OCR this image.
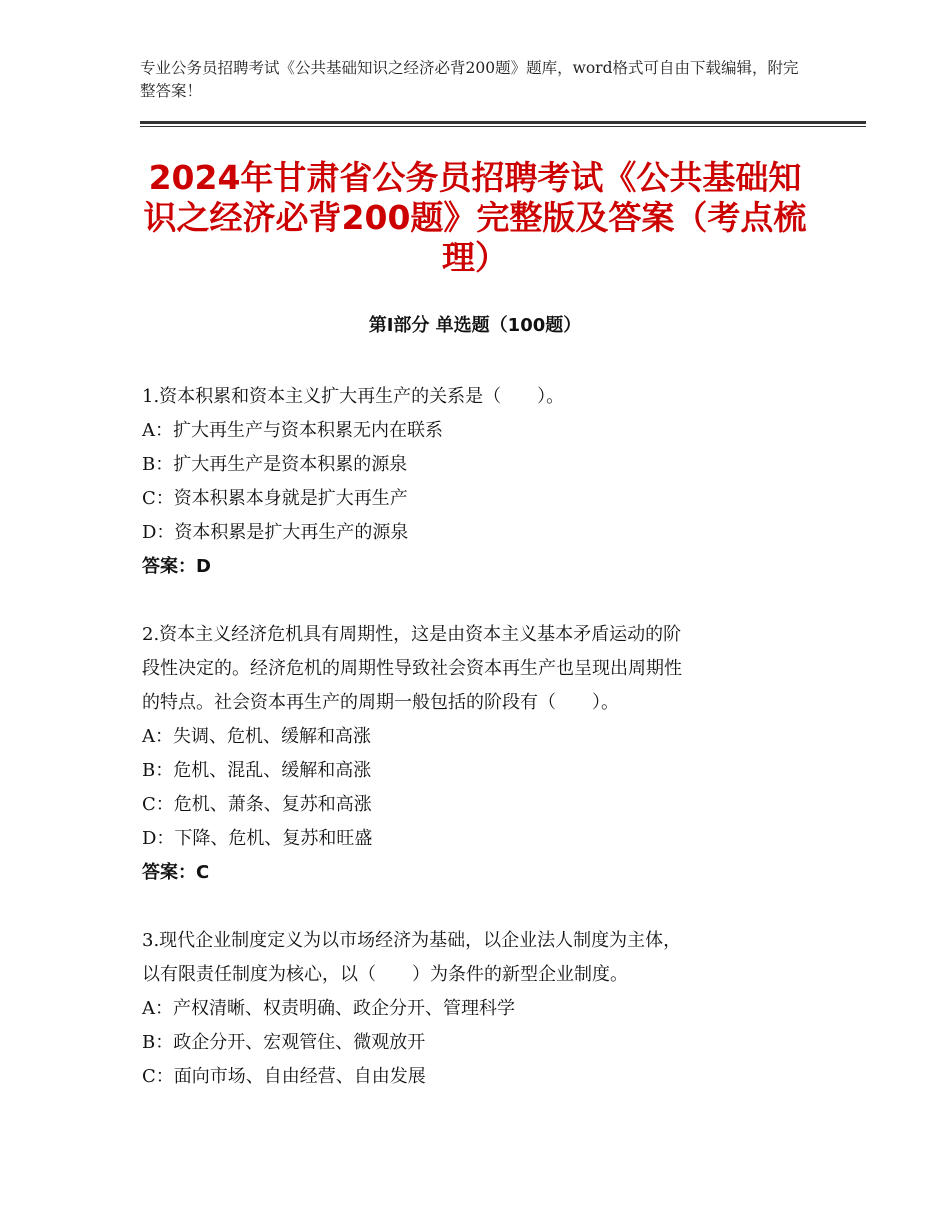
专业公务员招聘考试《公共基础知识之经济必背200题》题库，word格式可自由下载编辑，附完整答案！
2024年甘肃省公务员招聘考试《公共基础知识之经济必背200题》完整版及答案（考点梳理）
第Ⅰ部分 单选题（100题）
1.资本积累和资本主义扩大再生产的关系是（　　）。
A：扩大再生产与资本积累无内在联系
B：扩大再生产是资本积累的源泉
C：资本积累本身就是扩大再生产
D：资本积累是扩大再生产的源泉
答案：D
2.资本主义经济危机具有周期性，这是由资本主义基本矛盾运动的阶
段性决定的。经济危机的周期性导致社会资本再生产也呈现出周期性
的特点。社会资本再生产的周期一般包括的阶段有（　　）。
A：失调、危机、缓解和高涨
B：危机、混乱、缓解和高涨
C：危机、萧条、复苏和高涨
D：下降、危机、复苏和旺盛
答案：C
3.现代企业制度定义为以市场经济为基础，以企业法人制度为主体，
以有限责任制度为核心，以（　　）为条件的新型企业制度。
A：产权清晰、权责明确、政企分开、管理科学
B：政企分开、宏观管住、微观放开
C：面向市场、自由经营、自由发展
